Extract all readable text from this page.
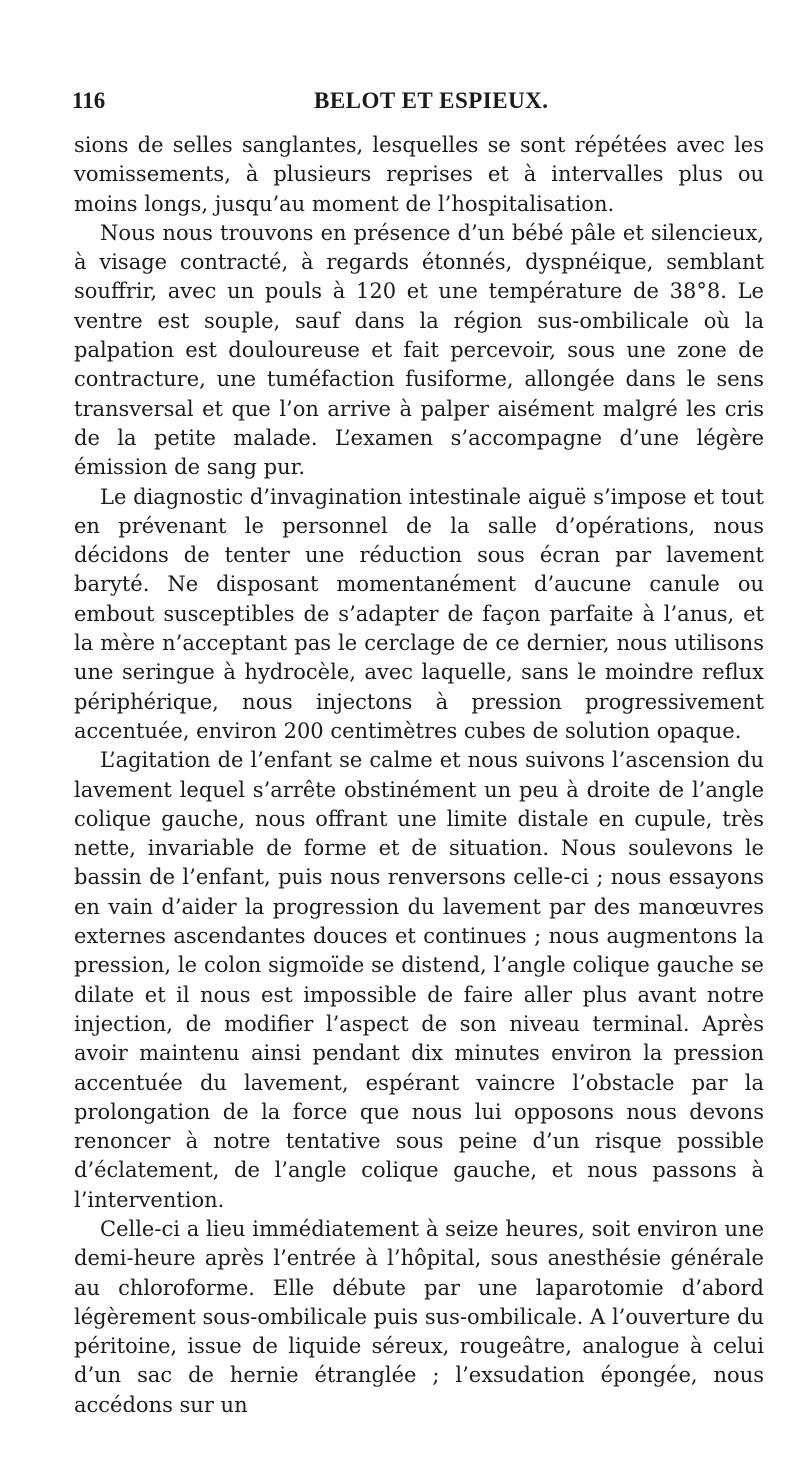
116	BELOT ET ESPIEUX.

sions de selles sanglantes, lesquelles se sont répétées avec les vomissements, à plusieurs reprises et à intervalles plus ou moins longs, jusqu’au moment de l’hospitalisation.

Nous nous trouvons en présence d’un bébé pâle et silencieux, à visage contracté, à regards étonnés, dyspnéique, semblant souffrir, avec un pouls à 120 et une température de 38°8. Le ventre est souple, sauf dans la région sus-ombilicale où la palpation est douloureuse et fait percevoir, sous une zone de contracture, une tuméfaction fusiforme, allongée dans le sens transversal et que l’on arrive à palper aisément malgré les cris de la petite malade. L’examen s’accompagne d’une légère émission de sang pur.

Le diagnostic d’invagination intestinale aiguë s’impose et tout en prévenant le personnel de la salle d’opérations, nous décidons de tenter une réduction sous écran par lavement baryté. Ne disposant momentanément d’aucune canule ou embout susceptibles de s’adapter de façon parfaite à l’anus, et la mère n’acceptant pas le cerclage de ce dernier, nous utilisons une seringue à hydrocèle, avec laquelle, sans le moindre reflux périphérique, nous injectons à pression progressivement accentuée, environ 200 centimètres cubes de solution opaque.

L’agitation de l’enfant se calme et nous suivons l’ascension du lavement lequel s’arrête obstinément un peu à droite de l’angle colique gauche, nous offrant une limite distale en cupule, très nette, invariable de forme et de situation. Nous soulevons le bassin de l’enfant, puis nous renversons celle-ci ; nous essayons en vain d’aider la progression du lavement par des manœuvres externes ascendantes douces et continues ; nous augmentons la pression, le colon sigmoïde se distend, l’angle colique gauche se dilate et il nous est impossible de faire aller plus avant notre injection, de modifier l’aspect de son niveau terminal. Après avoir maintenu ainsi pendant dix minutes environ la pression accentuée du lavement, espérant vaincre l’obstacle par la prolongation de la force que nous lui opposons nous devons renoncer à notre tentative sous peine d’un risque possible d’éclatement, de l’angle colique gauche, et nous passons à l’intervention.

Celle-ci a lieu immédiatement à seize heures, soit environ une demi-heure après l’entrée à l’hôpital, sous anesthésie générale au chloroforme. Elle débute par une laparotomie d’abord légèrement sous-ombilicale puis sus-ombilicale. A l’ouverture du péritoine, issue de liquide séreux, rougeâtre, analogue à celui d’un sac de hernie étranglée ; l’exsudation épongée, nous accédons sur un
